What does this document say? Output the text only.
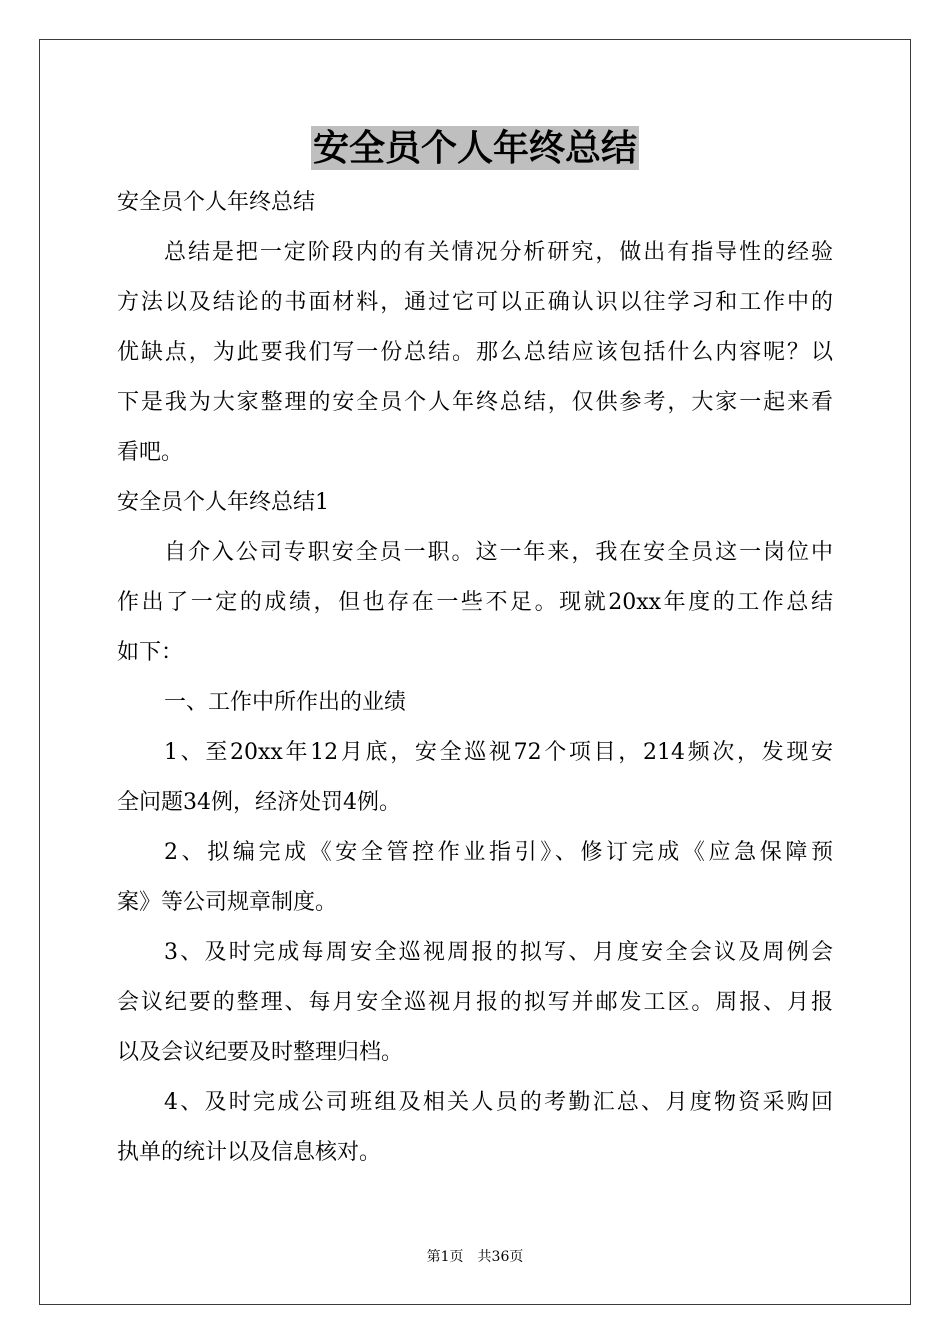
安全员个人年终总结
安全员个人年终总结
总结是把一定阶段内的有关情况分析研究，做出有指导性的经验
方法以及结论的书面材料，通过它可以正确认识以往学习和工作中的
优缺点，为此要我们写一份总结。那么总结应该包括什么内容呢？以
下是我为大家整理的安全员个人年终总结，仅供参考，大家一起来看
看吧。
安全员个人年终总结1
自介入公司专职安全员一职。这一年来，我在安全员这一岗位中
作出了一定的成绩，但也存在一些不足。现就20xx年度的工作总结
如下：
一、工作中所作出的业绩
1、至20xx年12月底，安全巡视72个项目，214频次，发现安
全问题34例，经济处罚4例。
2、拟编完成《安全管控作业指引》、修订完成《应急保障预
案》等公司规章制度。
3、及时完成每周安全巡视周报的拟写、月度安全会议及周例会
会议纪要的整理、每月安全巡视月报的拟写并邮发工区。周报、月报
以及会议纪要及时整理归档。
4、及时完成公司班组及相关人员的考勤汇总、月度物资采购回
执单的统计以及信息核对。
第1页 共36页
